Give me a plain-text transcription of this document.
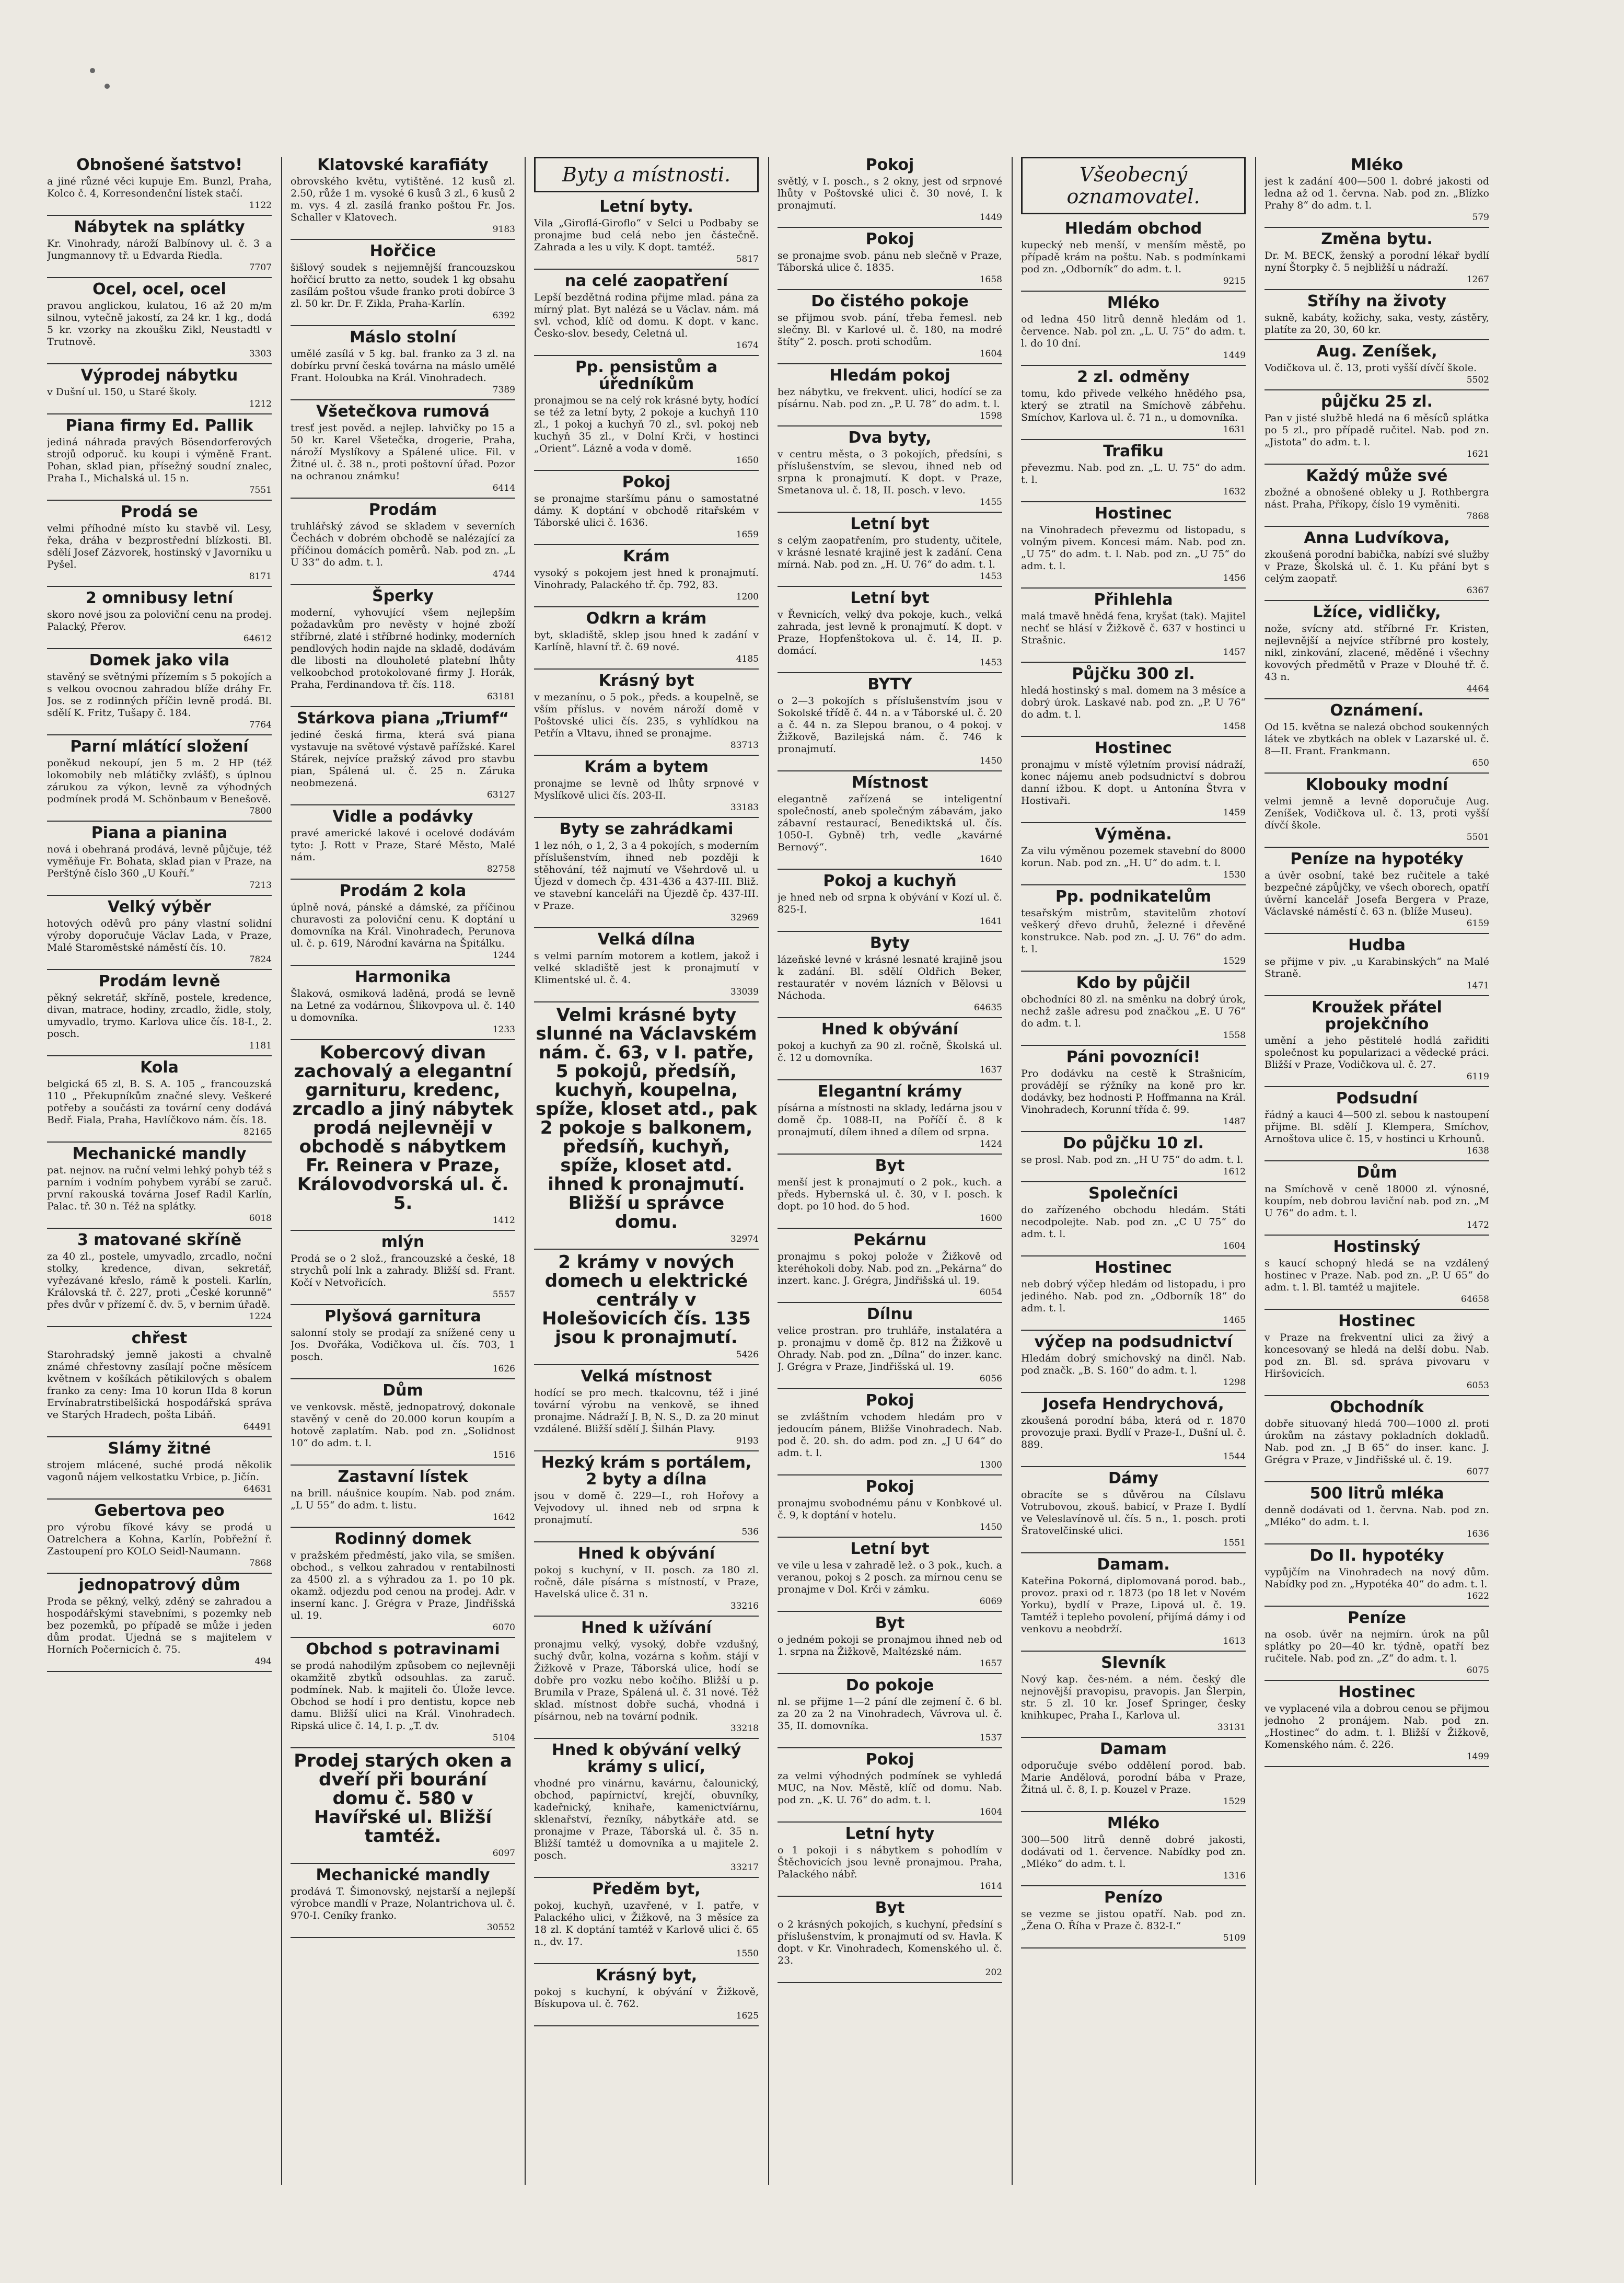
Obnošené šatstvo!

a jiné různé věci kupuje Em. Bunzl, Praha, Kolco č. 4, Korresondenční lístek stačí.

1122

Nábytek na splátky

Kr. Vinohrady, nároží Balbínovy ul. č. 3 a Jungmannovy tř. u Edvarda Riedla.

7707

Ocel, ocel, ocel

pravou anglickou, kulatou, 16 až 20 m/m silnou, vytečně jakostí, za 24 kr. 1 kg., dodá 5 kr. vzorky na zkoušku Zikl, Neustadtl v Trutnově.

3303

Výprodej nábytku

v Dušní ul. 150, u Staré školy.

1212

Piana firmy Ed. Pallik

jediná náhrada pravých Bösendorferových strojů odporuč. ku koupi i výměně Frant. Pohan, sklad pian, přísežný soudní znalec, Praha I., Michalská ul. 15 n.

7551

Prodá se

velmi příhodné místo ku stavbě vil. Lesy, řeka, dráha v bezprostřední blízkosti. Bl. sdělí Josef Zázvorek, hostinský v Javorníku u Pyšel.

8171

2 omnibusy letní

skoro nové jsou za poloviční cenu na prodej. Palacký, Přerov.

64612

Domek jako vila

stavěný se světnými přízemím s 5 pokojích a s velkou ovocnou zahradou blíže dráhy Fr. Jos. se z rodinných příčin levně prodá. Bl. sdělí K. Fritz, Tušapy č. 184.

7764

Parní mlátící složení

poněkud nekoupí, jen 5 m. 2 HP (též lokomobily neb mlátičky zvlášť), s úplnou zárukou za výkon, levně za výhodných podmínek prodá M. Schönbaum v Benešově.

7800

Piana a pianina

nová i obehraná prodává, levně půjčuje, též vyměňuje Fr. Bohata, sklad pian v Praze, na Perštýně číslo 360 „U Kouří.“

7213

Velký výběr

hotových oděvů pro pány vlastní solidní výroby doporučuje Václav Lada, v Praze, Malé Staroměstské náměstí čís. 10.

7824

Prodám levně

pěkný sekretář, skříně, postele, kredence, divan, matrace, hodiny, zrcadlo, židle, stoly, umyvadlo, trymo. Karlova ulice čís. 18-I., 2. posch.

1181

Kola

belgická 65 zl, B. S. A. 105 „ francouzská 110 „ Překupníkům značné slevy. Veškeré potřeby a součásti za tovární ceny dodává Bedř. Fiala, Praha, Havlíčkovo nám. čís. 18.

82165

Mechanické mandly

pat. nejnov. na ruční velmi lehký pohyb též s parním i vodním pohybem vyrábí se zaruč. první rakouská továrna Josef Radil Karlín, Palac. tř. 30 n. Též na splátky.

6018

3 matované skříně

za 40 zl., postele, umyvadlo, zrcadlo, noční stolky, kredence, divan, sekretář, vyřezávané křeslo, rámě k posteli. Karlín, Královská tř. č. 227, proti „České korunně“ přes dvůr v přízemí č. dv. 5, v bernim úřadě.

1224

chřest

Starohradský jemně jakosti a chvalně známé chřestovny zasílají počne měsícem květnem v košíkách pětikilových s obalem franko za ceny: Ima 10 korun IIda 8 korun Ervínabratrstibelšická hospodářská správa ve Starých Hradech, pošta Libáň.

64491

Slámy žitné

strojem mlácené, suché prodá několik vagonů nájem velkostatku Vrbice, p. Jičín.

64631

Gebertova peo

pro výrobu fíkové kávy se prodá u Oatrelchera a Kohna, Karlín, Pobřežní ř. Zastoupení pro KOLO Seidl-Naumann.

7868

jednopatrový dům

Proda se pěkný, velký, zděný se zahradou a hospodářskými stavebními, s pozemky neb bez pozemků, po případě se může i jeden dům prodat. Ujedná se s majitelem v Horních Počernicích č. 75.

494

Klatovské karafiáty

obrovského květu, vytištěné. 12 kusů zl. 2.50, růže 1 m. vysoké 6 kusů 3 zl., 6 kusů 2 m. vys. 4 zl. zasílá franko poštou Fr. Jos. Schaller v Klatovech.

9183

Hořčice

šišlový soudek s nejjemnější francouzskou hořčicí brutto za netto, soudek 1 kg obsahu zasílám poštou všude franko proti dobírce 3 zl. 50 kr. Dr. F. Zikla, Praha-Karlín.

6392

Máslo stolní

umělé zasílá v 5 kg. bal. franko za 3 zl. na dobírku první česká továrna na máslo umělé Frant. Holoubka na Král. Vinohradech.

7389

Všetečkova rumová

tresť jest pověd. a nejlep. lahvičky po 15 a 50 kr. Karel Všetečka, drogerie, Praha, nároží Myslíkovy a Spálené ulice. Fil. v Žitné ul. č. 38 n., proti poštovní úřad. Pozor na ochranou známku!

6414

Prodám

truhlářský závod se skladem v severních Čechách v dobrém obchodě se nalézající za příčinou domácích poměrů. Nab. pod zn. „L U 33“ do adm. t. l.

4744

Šperky

moderní, vyhovující všem nejlepším požadavkům pro nevěsty v hojné zboží stříbrné, zlaté i stříbrné hodinky, moderních pendlových hodin najde na skladě, dodávám dle libosti na dlouholeté platební lhůty velkoobchod protokolované firmy J. Horák, Praha, Ferdinandova tř. čís. 118.

63181

Stárkova piana „Triumf“

jediné česká firma, která svá piana vystavuje na světové výstavě pařížské. Karel Stárek, nejvíce pražský závod pro stavbu pian, Spálená ul. č. 25 n. Záruka neobmezená.

63127

Vidle a podávky

pravé americké lakové i ocelové dodávám tyto: J. Rott v Praze, Staré Město, Malé nám.

82758

Prodám 2 kola

úplně nová, pánské a dámské, za příčinou churavosti za poloviční cenu. K doptání u domovníka na Král. Vinohradech, Perunova ul. č. p. 619, Národní kavárna na Špitálku.

1244

Harmonika

Šlaková, osmiková laděná, prodá se levně na Letné za vodárnou, Šlikovpova ul. č. 140 u domovníka.

1233

Kobercový divan zachovalý a elegantní garnituru, kredenc, zrcadlo a jiný nábytek prodá nejlevněji v obchodě s nábytkem Fr. Reinera v Praze, Královodvorská ul. č. 5.

1412

mlýn

Prodá se o 2 slož., francouzské a české, 18 strychů polí lnk a zahrady. Bližší sd. Frant. Kočí v Netvořicích.

5557

Plyšová garnitura

salonní stoly se prodají za snížené ceny u Jos. Dvořáka, Vodičkova ul. čís. 703, 1 posch.

1626

Dům

ve venkovsk. městě, jednopatrový, dokonale stavěný v ceně do 20.000 korun koupím a hotově zaplatím. Nab. pod zn. „Solidnost 10“ do adm. t. l.

1516

Zastavní lístek

na brill. náušnice koupím. Nab. pod znám. „L U 55“ do adm. t. listu.

1642

Rodinný domek

v pražském předměstí, jako vila, se smíšen. obchod., s velkou zahradou v rentabilnosti za 4500 zl. a s výhradou za 1. po 10 pk. okamž. odjezdu pod cenou na prodej. Adr. v inserní kanc. J. Grégra v Praze, Jindřišská ul. 19.

6070

Obchod s potravinami

se prodá nahodilým způsobem co nejlevněji okamžitě zbytků odsouhlas. za zaruč. podmínek. Nab. k majiteli čo. Úlože levce. Obchod se hodí i pro dentistu, kopce neb damu. Bližší ulici na Král. Vinohradech. Ripská ulice č. 14, I. p. „T. dv.

5104

Prodej starých oken a dveří při bourání domu č. 580 v Havířské ul. Bližší tamtéž.

6097

Mechanické mandly

prodává T. Šimonovský, nejstarší a nejlepší výrobce mandlí v Praze, Nolantrichova ul. č. 970-I. Ceníky franko.

30552

Byty a místnosti.
Letní byty.

Vila „Giroflá-Giroflo“ v Selci u Podbaby se pronajme bud celá nebo jen částečně. Zahrada a les u vily. K dopt. tamtéž.

5817

na celé zaopatření

Lepší bezdětná rodina přijme mlad. pána za mírný plat. Byt nalézá se u Václav. nám. má svl. vchod, klíč od domu. K dopt. v kanc. Česko-slov. besedy, Celetná ul.

1674

Pp. pensistům a úředníkům

pronajmou se na celý rok krásné byty, hodící se též za letní byty, 2 pokoje a kuchyň 110 zl., 1 pokoj a kuchyň 70 zl., svl. pokoj neb kuchyň 35 zl., v Dolní Krči, v hostinci „Orient“. Lázně a voda v domě.

1650

Pokoj

se pronajme staršímu pánu o samostatné dámy. K doptání v obchodě ritařském v Táborské ulici č. 1636.

1659

Krám

vysoký s pokojem jest hned k pronajmutí. Vinohrady, Palackého tř. čp. 792, 83.

1200

Odkrn a krám

byt, skladiště, sklep jsou hned k zadání v Karlíně, hlavní tř. č. 69 nové.

4185

Krásný byt

v mezanínu, o 5 pok., předs. a koupelně, se vším příslus. v novém nároží domě v Poštovské ulici čís. 235, s vyhlídkou na Petřín a Vltavu, ihned se pronajme.

83713

Krám a bytem

pronajme se levně od lhůty srpnové v Myslíkově ulici čís. 203-II.

33183

Byty se zahrádkami

1 lez nóh, o 1, 2, 3 a 4 pokojích, s moderním příslušenstvím, ihned neb později k stěhování, též najmutí ve Všehrdově ul. u Újezd v domech čp. 431-436 a 437-III. Bliž. ve stavební kanceláři na Újezdě čp. 437-III. v Praze.

32969

Velká dílna

s velmi parním motorem a kotlem, jakož i velké skladiště jest k pronajmutí v Klimentské ul. č. 4.

33039

Velmi krásné byty slunné na Václavském nám. č. 63, v I. patře, 5 pokojů, předsíň, kuchyň, koupelna, spíže, kloset atd., pak 2 pokoje s balkonem, předsíň, kuchyň, spíže, kloset atd. ihned k pronajmutí. Bližší u správce domu.

32974

2 krámy v nových domech u elektrické centrály v Holešovicích čís. 135 jsou k pronajmutí.

5426

Velká místnost

hodící se pro mech. tkalcovnu, též i jiné tovární výrobu na venkově, se ihned pronajme. Nádraží J. B, N. S., D. za 20 minut vzdálené. Bližší sdělí J. Šilhán Plavy.

9193

Hezký krám s portálem, 2 byty a dílna

jsou v domě č. 229—I., roh Hořovy a Vejvodovy ul. ihned neb od srpna k pronajmutí.

536

Hned k obývání

pokoj s kuchyní, v II. posch. za 180 zl. ročně, dále písárna s místností, v Praze, Havelská ulice č. 31 n.

33216

Hned k užívání

pronajmu velký, vysoký, dobře vzdušný, suchý dvůr, kolna, vozárna s koňm. stájí v Žižkově v Praze, Táborská ulice, hodí se dobře pro vozku nebo kočího. Bližší u p. Brumila v Praze, Spálená ul. č. 31 nové. Též sklad. místnost dobře suchá, vhodná i písárnou, neb na tovární podnik.

33218

Hned k obývání velký krámy s ulicí,

vhodné pro vinárnu, kavárnu, čalounický, obchod, papírnictví, krejčí, obuvníky, kadeřnický, knihaře, kamenictvíárnu, sklenařství, řezníky, nábytkáře atd. se pronajme v Praze, Táborská ul. č. 35 n. Bližší tamtéž u domovníka a u majitele 2. posch.

33217

Předěm byt,

pokoj, kuchyň, uzavřené, v I. patře, v Palackého ulici, v Žižkově, na 3 měsíce za 18 zl. K doptání tamtéž v Karlově ulici č. 65 n., dv. 17.

1550

Krásný byt,

pokoj s kuchyní, k obývání v Žižkově, Bískupova ul. č. 762.

1625

Pokoj

světlý, v I. posch., s 2 okny, jest od srpnové lhůty v Poštovské ulici č. 30 nové, I. k pronajmutí.

1449

Pokoj

se pronajme svob. pánu neb slečně v Praze, Táborská ulice č. 1835.

1658

Do čistého pokoje

se přijmou svob. pání, třeba řemesl. neb slečny. Bl. v Karlové ul. č. 180, na modré štíty“ 2. posch. proti schodům.

1604

Hledám pokoj

bez nábytku, ve frekvent. ulici, hodící se za písárnu. Nab. pod zn. „P. U. 78“ do adm. t. l.

1598

Dva byty,

v centru města, o 3 pokojích, předsíni, s příslušenstvím, se slevou, ihned neb od srpna k pronajmutí. K dopt. v Praze, Smetanova ul. č. 18, II. posch. v levo.

1455

Letní byt

s celým zaopatřením, pro studenty, učitele, v krásné lesnaté krajině jest k zadání. Cena mírná. Nab. pod zn. „H. U. 76“ do adm. t. l.

1453

Letní byt

v Řevnicích, velký dva pokoje, kuch., velká zahrada, jest levně k pronajmutí. K dopt. v Praze, Hopfenštokova ul. č. 14, II. p. domácí.

1453

BYTY

o 2—3 pokojích s příslušenstvím jsou v Sokolské třídě č. 44 n. a v Táborské ul. č. 20 a č. 44 n. za Slepou branou, o 4 pokoj. v Žižkově, Bazilejská nám. č. 746 k pronajmutí.

1450

Místnost

elegantně zařízená se inteligentní společností, aneb společným zábavám, jako zábavní restaurací, Benediktská ul. čís. 1050-I. Gybně) trh, vedle „kavárné Bernový“.

1640

Pokoj a kuchyň

je hned neb od srpna k obývání v Kozí ul. č. 825-I.

1641

Byty

lázeňské levné v krásné lesnaté krajině jsou k zadání. Bl. sdělí Oldřich Beker, restauratér v novém lázních v Bělovsi u Náchoda.

64635

Hned k obývání

pokoj a kuchyň za 90 zl. ročně, Školská ul. č. 12 u domovníka.

1637

Elegantní krámy

písárna a místnosti na sklady, ledárna jsou v domě čp. 1088-II, na Poříčí č. 8 k pronajmutí, dílem ihned a dílem od srpna.

1424

Byt

menší jest k pronajmutí o 2 pok., kuch. a předs. Hybernská ul. č. 30, v I. posch. k dopt. po 10 hod. do 5 hod.

1600

Pekárnu

pronajmu s pokoj polože v Žižkově od kteréhokoli doby. Nab. pod zn. „Pekárna“ do inzert. kanc. J. Grégra, Jindřišská ul. 19.

6054

Dílnu

velice prostran. pro truhláře, instalatéra a p. pronajmu v domě čp. 812 na Žižkově u Ohrady. Nab. pod zn. „Dílna“ do inzer. kanc. J. Grégra v Praze, Jindřišská ul. 19.

6056

Pokoj

se zvláštním vchodem hledám pro v jedoucím pánem, Bližše Vinohradech. Nab. pod č. 20. sh. do adm. pod zn. „J U 64“ do adm. t. l.

1300

Pokoj

pronajmu svobodnému pánu v Konbkové ul. č. 9, k doptání v hotelu.

1450

Letní byt

ve vile u lesa v zahradě lež. o 3 pok., kuch. a veranou, pokoj s 2 posch. za mírnou cenu se pronajme v Dol. Krči v zámku.

6069

Byt

o jedném pokoji se pronajmou ihned neb od 1. srpna na Žižkově, Maltézské nám.

1657

Do pokoje

nl. se přijme 1—2 pání dle zejmení č. 6 bl. za 20 za 2 na Vinohradech, Vávrova ul. č. 35, II. domovníka.

1537

Pokoj

za velmi výhodných podmínek se vyhledá MUC, na Nov. Městě, klíč od domu. Nab. pod zn. „K. U. 76“ do adm. t. l.

1604

Letní hyty

o 1 pokoji i s nábytkem s pohodlím v Štěchovicích jsou levně pronajmou. Praha, Palackého nábř.

1614

Byt

o 2 krásných pokojích, s kuchyní, předsíní s příslušenstvím, k pronajmutí od sv. Havla. K dopt. v Kr. Vinohradech, Komenského ul. č. 23.

202

Všeobecný oznamovatel.
Hledám obchod

kupecký neb menší, v menším městě, po případě krám na poštu. Nab. s podmínkami pod zn. „Odborník“ do adm. t. l.

9215

Mléko

od ledna 450 litrů denně hledám od 1. července. Nab. pol zn. „L. U. 75“ do adm. t. l. do 10 dní.

1449

2 zl. odměny

tomu, kdo přivede velkého hnědého psa, který se ztratil na Smíchově zábřehu. Smíchov, Karlova ul. č. 71 n., u domovníka.

1631

Trafiku

převezmu. Nab. pod zn. „L. U. 75“ do adm. t. l.

1632

Hostinec

na Vinohradech převezmu od listopadu, s volným pivem. Koncesi mám. Nab. pod zn. „U 75“ do adm. t. l. Nab. pod zn. „U 75“ do adm. t. l.

1456

Přihlehla

malá tmavě hnědá fena, kryšat (tak). Majitel nechť se hlásí v Žižkově č. 637 v hostinci u Strašnic.

1457

Půjčku 300 zl.

hledá hostinský s mal. domem na 3 měsíce a dobrý úrok. Laskavé nab. pod zn. „P. U 76“ do adm. t. l.

1458

Hostinec

pronajmu v místě výletním provisí nádraží, konec nájemu aneb podsudnictví s dobrou danní ižbou. K dopt. u Antonína Štvra v Hostivaři.

1459

Výměna.

Za vilu výměnou pozemek stavební do 8000 korun. Nab. pod zn. „H. U“ do adm. t. l.

1530

Pp. podnikatelům

tesařským mistrům, stavitelům zhotoví veškerý dřevo druhů, železné i dřevěné konstrukce. Nab. pod zn. „J. U. 76“ do adm. t. l.

1529

Kdo by půjčil

obchodníci 80 zl. na směnku na dobrý úrok, nechž zašle adresu pod značkou „E. U 76“ do adm. t. l.

1558

Páni povozníci!

Pro dodávku na cestě k Strašnicím, provádějí se rýžníky na koně pro kr. dodávky, bez hodnosti P. Hoffmanna na Král. Vinohradech, Korunní třída č. 99.

1487

Do půjčku 10 zl.

se prosl. Nab. pod zn. „H U 75“ do adm. t. l.

1612

Společníci

do zařízeného obchodu hledám. Státi necodpolejte. Nab. pod zn. „C U 75“ do adm. t. l.

1604

Hostinec

neb dobrý výčep hledám od listopadu, i pro jediného. Nab. pod zn. „Odborník 18“ do adm. t. l.

1465

výčep na podsudnictví

Hledám dobrý smíchovský na dinčl. Nab. pod značk. „B. S. 160“ do adm. t. l.

1298

Josefa Hendrychová,

zkoušená porodní bába, která od r. 1870 provozuje praxi. Bydlí v Praze-I., Dušní ul. č. 889.

1544

Dámy

obracíte se s důvěrou na Cílslavu Votrubovou, zkouš. babicí, v Praze I. Bydlí ve Veleslavínově ul. čís. 5 n., 1. posch. proti Šratovelčinské ulici.

1551

Damam.

Kateřina Pokorná, diplomovaná porod. bab., provoz. praxi od r. 1873 (po 18 let v Novém Yorku), bydlí v Praze, Lipová ul. č. 19. Tamtéž i tepleho povolení, přijímá dámy i od venkovu a neobdrží.

1613

Slevník

Nový kap. čes-ném. a ném. český dle nejnovější pravopisu, pravopis. Jan Šlerpin, str. 5 zl. 10 kr. Josef Springer, česky knihkupec, Praha I., Karlova ul.

33131

Damam

odporučuje svébo oddělení porod. bab. Marie Andělová, porodní bába v Praze, Žitná ul. č. 8, I. p. Kouzel v Praze.

1529

Mléko

300—500 litrů denně dobré jakosti, dodávati od 1. července. Nabídky pod zn. „Mléko“ do adm. t. l.

1316

Penízo

se vezme se jistou opatří. Nab. pod zn. „Žena O. Říha v Praze č. 832-I.“

5109

Mléko

jest k zadání 400—500 l. dobré jakosti od ledna až od 1. června. Nab. pod zn. „Blízko Prahy 8“ do adm. t. l.

579

Změna bytu.

Dr. M. BECK, ženský a porodní lékař bydlí nyní Štorpky č. 5 nejbližší u nádraží.

1267

Stříhy na životy

sukně, kabáty, kožichy, saka, vesty, zástěry, platíte za 20, 30, 60 kr.

Aug. Zeníšek,

Vodičkova ul. č. 13, proti vyšší dívčí škole.

5502

půjčku 25 zl.

Pan v jisté službě hledá na 6 měsíců splátka po 5 zl., pro případě ručitel. Nab. pod zn. „Jistota“ do adm. t. l.

1621

Každý může své

zbožné a obnošené obleky u J. Rothbergra nást. Praha, Příkopy, číslo 19 vyměniti.

7868

Anna Ludvíkova,

zkoušená porodní babička, nabízí své služby v Praze, Školská ul. č. 1. Ku přání byt s celým zaopatř.

6367

Lžíce, vidličky,

nože, svícny atd. stříbrné Fr. Kristen, nejlevnější a nejvíce stříbrné pro kostely, nikl, zinkování, zlacené, měděné i všechny kovových předmětů v Praze v Dlouhé tř. č. 43 n.

4464

Oznámení.

Od 15. května se nalezá obchod soukenných látek ve zbytkách na oblek v Lazarské ul. č. 8—II. Frant. Frankmann.

650

Klobouky modní

velmi jemně a levně doporučuje Aug. Zeníšek, Vodičkova ul. č. 13, proti vyšší dívčí škole.

5501

Peníze na hypotéky

a úvěr osobní, také bez ručitele a také bezpečné zápůjčky, ve všech oborech, opatří úvěrní kancelář Josefa Bergera v Praze, Václavské náměstí č. 63 n. (blíže Museu).

6159

Hudba

se přijme v piv. „u Karabinských“ na Malé Straně.

1471

Kroužek přátel projekčního

umění a jeho pěstitelé hodlá zařiditi společnost ku popularizaci a vědecké práci. Bližší v Praze, Vodičkova ul. č. 27.

6119

Podsudní

řádný a kauci 4—500 zl. sebou k nastoupení přijme. Bl. sdělí J. Klempera, Smíchov, Arnoštova ulice č. 15, v hostinci u Krhounů.

1638

Dům

na Smíchově v ceně 18000 zl. výnosné, koupím, neb dobrou laviční nab. pod zn. „M U 76“ do adm. t. l.

1472

Hostinský

s kaucí schopný hledá se na vzdálený hostinec v Praze. Nab. pod zn. „P. U 65“ do adm. t. l. Bl. tamtéž u majitele.

64658

Hostinec

v Praze na frekventní ulici za živý a koncesovaný se hledá na delší dobu. Nab. pod zn. Bl. sd. správa pivovaru v Hiršovicích.

6053

Obchodník

dobře situovaný hledá 700—1000 zl. proti úrokům na zástavy pokladních dokladů. Nab. pod zn. „J B 65“ do inser. kanc. J. Grégra v Praze, v Jindřišské ul. č. 19.

6077

500 litrů mléka

denně dodávati od 1. června. Nab. pod zn. „Mléko“ do adm. t. l.

1636

Do II. hypotéky

vypůjčím na Vinohradech na nový dům. Nabídky pod zn. „Hypotéka 40“ do adm. t. l.

1622

Peníze

na osob. úvěr na nejmírn. úrok na půl splátky po 20—40 kr. týdně, opatří bez ručitele. Nab. pod zn. „Z“ do adm. t. l.

6075

Hostinec

ve vyplacené vila a dobrou cenou se přijmou jednoho 2 pronájem. Nab. pod zn. „Hostinec“ do adm. t. l. Bližší v Žižkově, Komenského nám. č. 226.

1499
